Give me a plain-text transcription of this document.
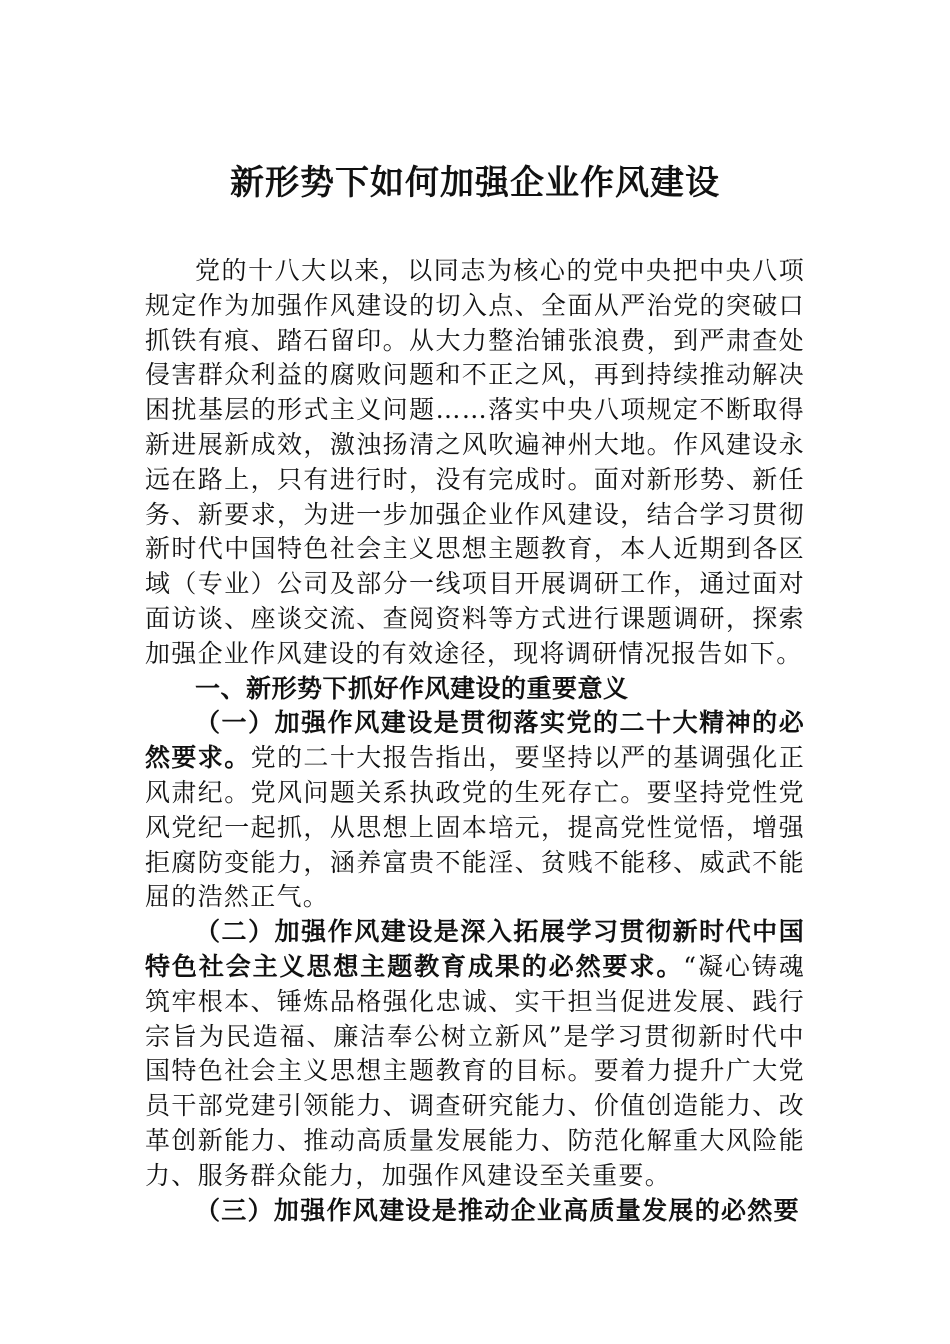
新形势下如何加强企业作风建设

党的十八大以来，以同志为核心的党中央把中央八项规定作为加强作风建设的切入点、全面从严治党的突破口抓铁有痕、踏石留印。从大力整治铺张浪费，到严肃查处侵害群众利益的腐败问题和不正之风，再到持续推动解决困扰基层的形式主义问题……落实中央八项规定不断取得新进展新成效，激浊扬清之风吹遍神州大地。作风建设永远在路上，只有进行时，没有完成时。面对新形势、新任务、新要求，为进一步加强企业作风建设，结合学习贯彻新时代中国特色社会主义思想主题教育，本人近期到各区域（专业）公司及部分一线项目开展调研工作，通过面对面访谈、座谈交流、查阅资料等方式进行课题调研，探索加强企业作风建设的有效途径，现将调研情况报告如下。

一、新形势下抓好作风建设的重要意义

（一）加强作风建设是贯彻落实党的二十大精神的必然要求。党的二十大报告指出，要坚持以严的基调强化正风肃纪。党风问题关系执政党的生死存亡。要坚持党性党风党纪一起抓，从思想上固本培元，提高党性觉悟，增强拒腐防变能力，涵养富贵不能淫、贫贱不能移、威武不能屈的浩然正气。

（二）加强作风建设是深入拓展学习贯彻新时代中国特色社会主义思想主题教育成果的必然要求。“凝心铸魂筑牢根本、锤炼品格强化忠诚、实干担当促进发展、践行宗旨为民造福、廉洁奉公树立新风”是学习贯彻新时代中国特色社会主义思想主题教育的目标。要着力提升广大党员干部党建引领能力、调查研究能力、价值创造能力、改革创新能力、推动高质量发展能力、防范化解重大风险能力、服务群众能力，加强作风建设至关重要。

（三）加强作风建设是推动企业高质量发展的必然要
